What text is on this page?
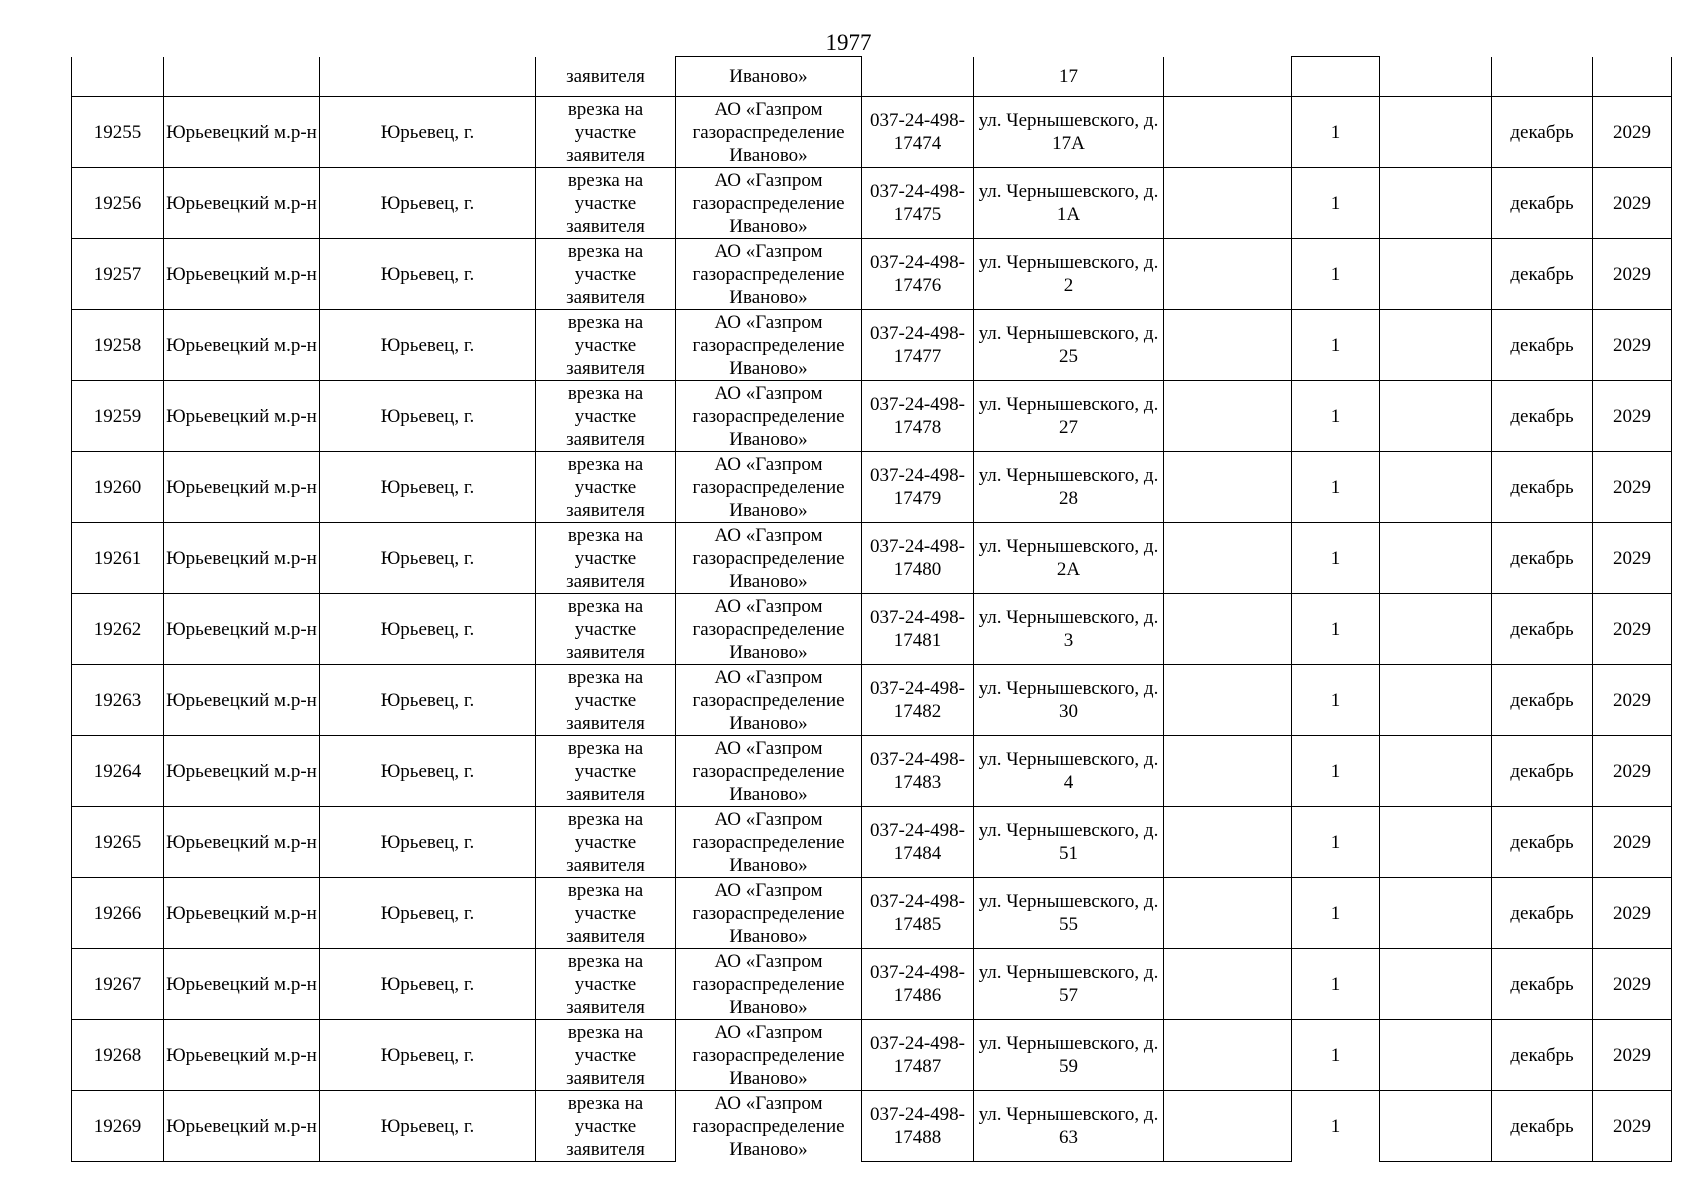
1977
			заявителя	Иваново»		17					
19255	Юрьевецкий м.р-н	Юрьевец, г.	врезка на участке заявителя	АО «Газпром газораспределение Иваново»	037-24-498-17474	ул. Чернышевского, д. 17А		1		декабрь	2029
19256	Юрьевецкий м.р-н	Юрьевец, г.	врезка на участке заявителя	АО «Газпром газораспределение Иваново»	037-24-498-17475	ул. Чернышевского, д. 1А		1		декабрь	2029
19257	Юрьевецкий м.р-н	Юрьевец, г.	врезка на участке заявителя	АО «Газпром газораспределение Иваново»	037-24-498-17476	ул. Чернышевского, д. 2		1		декабрь	2029
19258	Юрьевецкий м.р-н	Юрьевец, г.	врезка на участке заявителя	АО «Газпром газораспределение Иваново»	037-24-498-17477	ул. Чернышевского, д. 25		1		декабрь	2029
19259	Юрьевецкий м.р-н	Юрьевец, г.	врезка на участке заявителя	АО «Газпром газораспределение Иваново»	037-24-498-17478	ул. Чернышевского, д. 27		1		декабрь	2029
19260	Юрьевецкий м.р-н	Юрьевец, г.	врезка на участке заявителя	АО «Газпром газораспределение Иваново»	037-24-498-17479	ул. Чернышевского, д. 28		1		декабрь	2029
19261	Юрьевецкий м.р-н	Юрьевец, г.	врезка на участке заявителя	АО «Газпром газораспределение Иваново»	037-24-498-17480	ул. Чернышевского, д. 2А		1		декабрь	2029
19262	Юрьевецкий м.р-н	Юрьевец, г.	врезка на участке заявителя	АО «Газпром газораспределение Иваново»	037-24-498-17481	ул. Чернышевского, д. 3		1		декабрь	2029
19263	Юрьевецкий м.р-н	Юрьевец, г.	врезка на участке заявителя	АО «Газпром газораспределение Иваново»	037-24-498-17482	ул. Чернышевского, д. 30		1		декабрь	2029
19264	Юрьевецкий м.р-н	Юрьевец, г.	врезка на участке заявителя	АО «Газпром газораспределение Иваново»	037-24-498-17483	ул. Чернышевского, д. 4		1		декабрь	2029
19265	Юрьевецкий м.р-н	Юрьевец, г.	врезка на участке заявителя	АО «Газпром газораспределение Иваново»	037-24-498-17484	ул. Чернышевского, д. 51		1		декабрь	2029
19266	Юрьевецкий м.р-н	Юрьевец, г.	врезка на участке заявителя	АО «Газпром газораспределение Иваново»	037-24-498-17485	ул. Чернышевского, д. 55		1		декабрь	2029
19267	Юрьевецкий м.р-н	Юрьевец, г.	врезка на участке заявителя	АО «Газпром газораспределение Иваново»	037-24-498-17486	ул. Чернышевского, д. 57		1		декабрь	2029
19268	Юрьевецкий м.р-н	Юрьевец, г.	врезка на участке заявителя	АО «Газпром газораспределение Иваново»	037-24-498-17487	ул. Чернышевского, д. 59		1		декабрь	2029
19269	Юрьевецкий м.р-н	Юрьевец, г.	врезка на участке заявителя	АО «Газпром газораспределение Иваново»	037-24-498-17488	ул. Чернышевского, д. 63		1		декабрь	2029
